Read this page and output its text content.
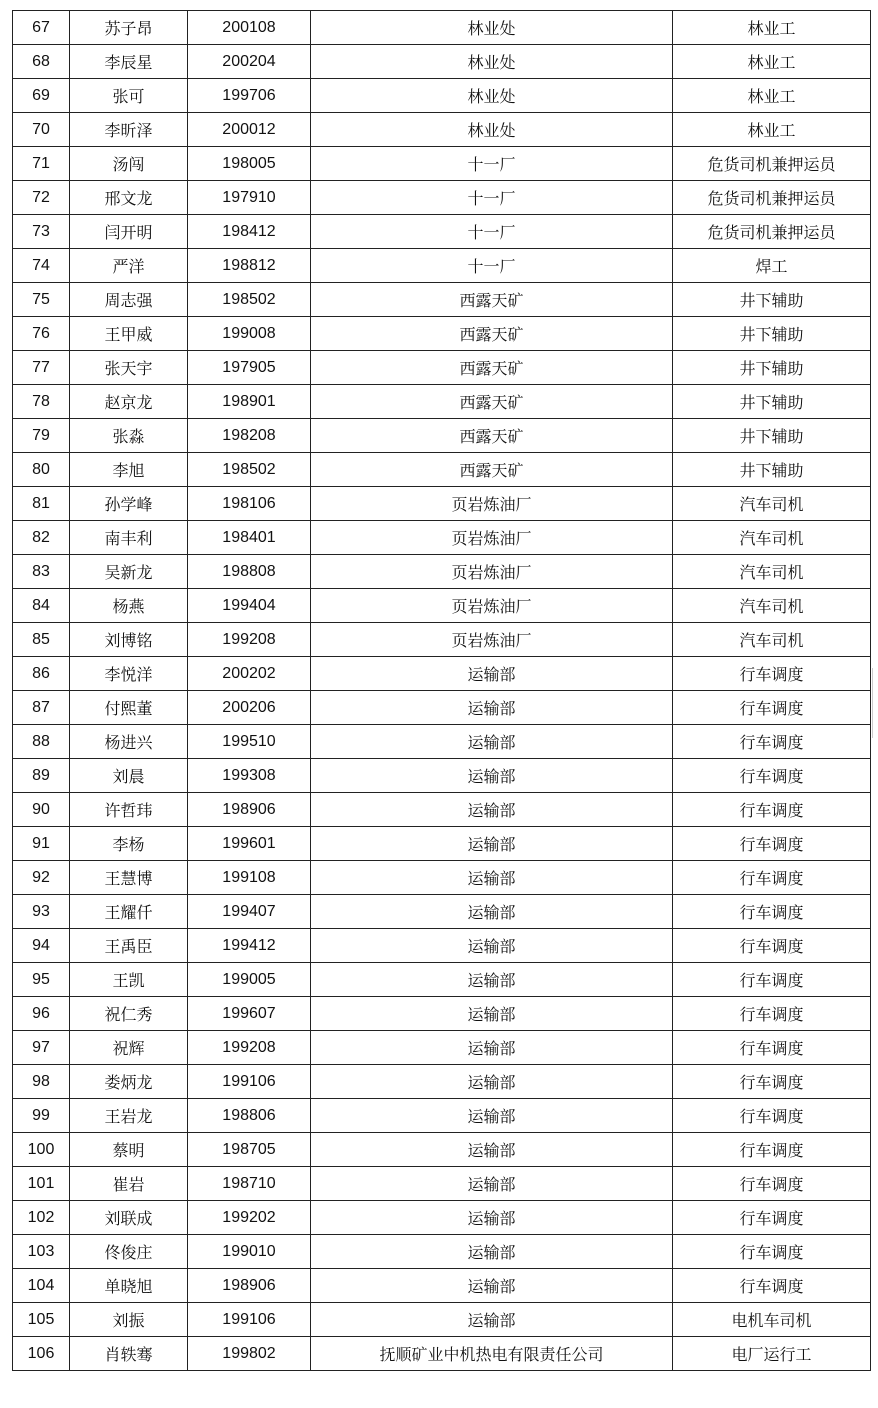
67	苏子昂	200108	林业处	林业工
68	李辰星	200204	林业处	林业工
69	张可	199706	林业处	林业工
70	李昕泽	200012	林业处	林业工
71	汤闯	198005	十一厂	危货司机兼押运员
72	邢文龙	197910	十一厂	危货司机兼押运员
73	闫开明	198412	十一厂	危货司机兼押运员
74	严洋	198812	十一厂	焊工
75	周志强	198502	西露天矿	井下辅助
76	王甲威	199008	西露天矿	井下辅助
77	张天宇	197905	西露天矿	井下辅助
78	赵京龙	198901	西露天矿	井下辅助
79	张淼	198208	西露天矿	井下辅助
80	李旭	198502	西露天矿	井下辅助
81	孙学峰	198106	页岩炼油厂	汽车司机
82	南丰利	198401	页岩炼油厂	汽车司机
83	吴新龙	198808	页岩炼油厂	汽车司机
84	杨燕	199404	页岩炼油厂	汽车司机
85	刘博铭	199208	页岩炼油厂	汽车司机
86	李悦洋	200202	运输部	行车调度
87	付熙董	200206	运输部	行车调度
88	杨进兴	199510	运输部	行车调度
89	刘晨	199308	运输部	行车调度
90	许哲玮	198906	运输部	行车调度
91	李杨	199601	运输部	行车调度
92	王慧博	199108	运输部	行车调度
93	王耀仟	199407	运输部	行车调度
94	王禹臣	199412	运输部	行车调度
95	王凯	199005	运输部	行车调度
96	祝仁秀	199607	运输部	行车调度
97	祝辉	199208	运输部	行车调度
98	娄炳龙	199106	运输部	行车调度
99	王岩龙	198806	运输部	行车调度
100	蔡明	198705	运输部	行车调度
101	崔岩	198710	运输部	行车调度
102	刘联成	199202	运输部	行车调度
103	佟俊庄	199010	运输部	行车调度
104	单晓旭	198906	运输部	行车调度
105	刘振	199106	运输部	电机车司机
106	肖轶骞	199802	抚顺矿业中机热电有限责任公司	电厂运行工
